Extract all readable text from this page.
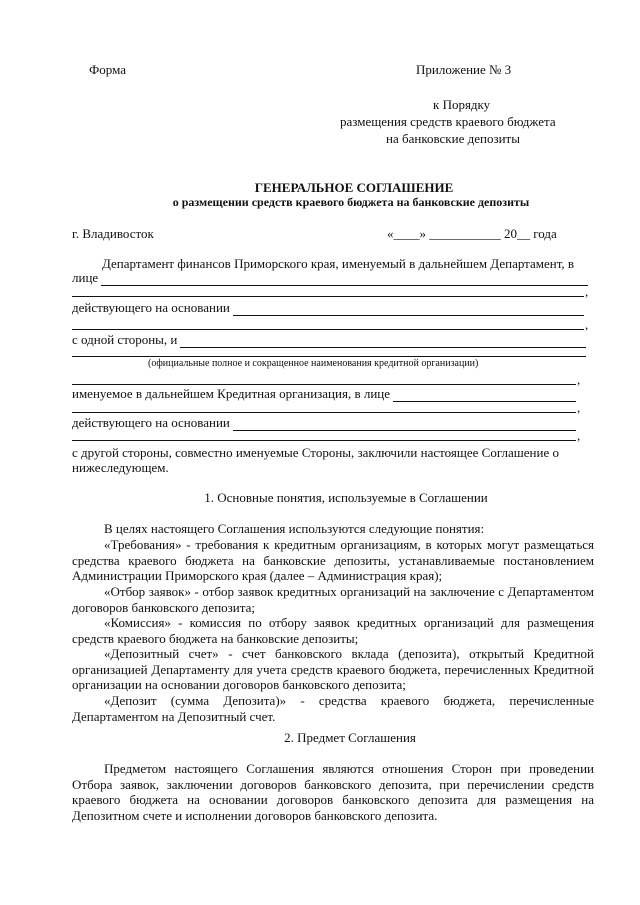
Форма	Приложение № 3
к Порядку
размещения средств краевого бюджета
на банковские депозиты
ГЕНЕРАЛЬНОЕ СОГЛАШЕНИЕ
о размещении средств краевого бюджета на банковские депозиты
г. Владивосток	«____» ___________ 20__ года
Департамент финансов Приморского края, именуемый в дальнейшем Департамент, в
лице
,
действующего на основании
,
с одной стороны, и
(официальные полное и сокращенное наименования кредитной организации)
,
именуемое в дальнейшем Кредитная организация, в лице
,
действующего на основании
,
с другой стороны, совместно именуемые Стороны, заключили настоящее Соглашение о
нижеследующем.
1. Основные понятия, используемые в Соглашении
В целях настоящего Соглашения используются следующие понятия:
«Требования» - требования к кредитным организациям, в которых могут размещаться средства краевого бюджета на банковские депозиты, устанавливаемые постановлением Администрации Приморского края (далее – Администрация края);
«Отбор заявок» - отбор заявок кредитных организаций на заключение с Департаментом договоров банковского депозита;
«Комиссия» - комиссия по отбору заявок кредитных организаций для размещения средств краевого бюджета на банковские депозиты;
«Депозитный счет» - счет банковского вклада (депозита), открытый Кредитной организацией Департаменту для учета средств краевого бюджета, перечисленных Кредитной организации на основании договоров банковского депозита;
«Депозит (сумма Депозита)» - средства краевого бюджета, перечисленные Департаментом на Депозитный счет.
2. Предмет Соглашения
Предметом настоящего Соглашения являются отношения Сторон при проведении Отбора заявок, заключении договоров банковского депозита, при перечислении средств краевого бюджета на основании договоров банковского депозита для размещения на Депозитном счете и исполнении договоров банковского депозита.
